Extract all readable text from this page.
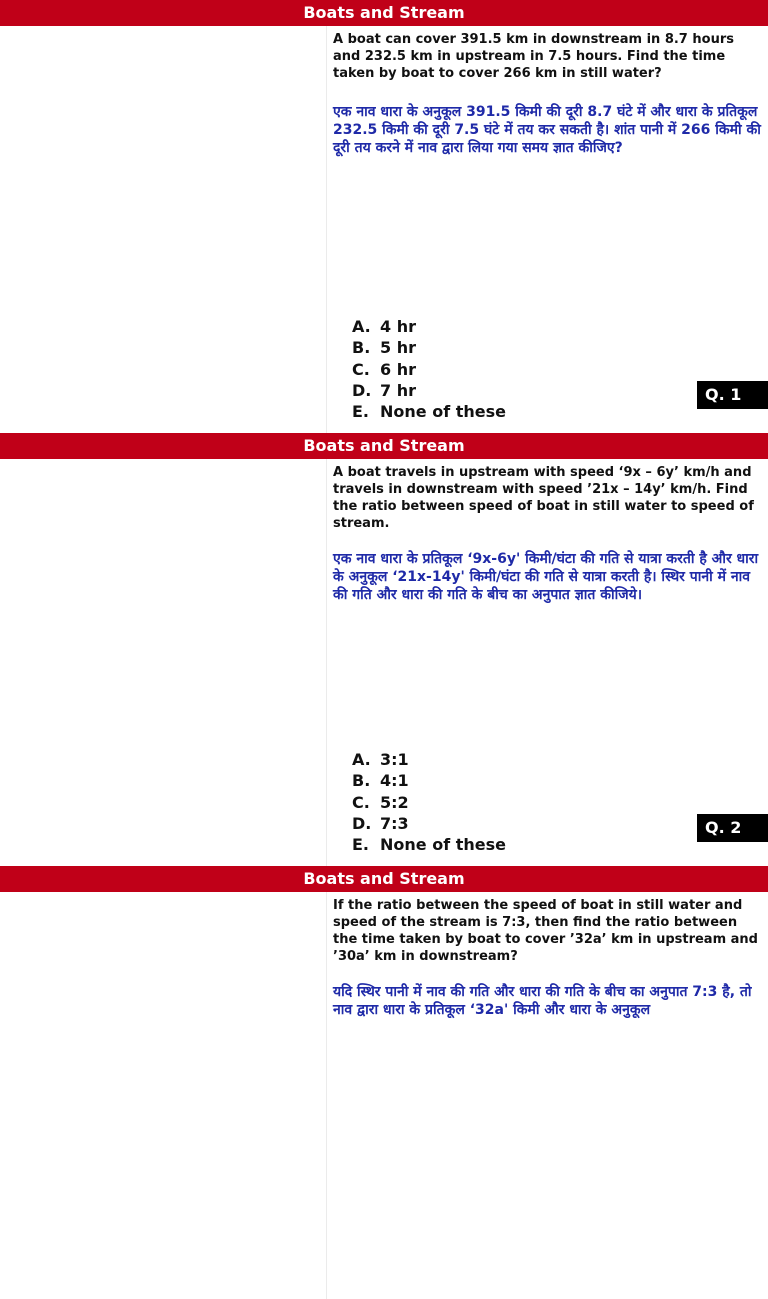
Boats and Stream

A boat can cover 391.5 km in downstream in 8.7 hours and 232.5 km in upstream in 7.5 hours. Find the time taken by boat to cover 266 km in still water?

एक नाव धारा के अनुकूल 391.5 किमी की दूरी 8.7 घंटे में और धारा के प्रतिकूल 232.5 किमी की दूरी 7.5 घंटे में तय कर सकती है। शांत पानी में 266 किमी की दूरी तय करने में नाव द्वारा लिया गया समय ज्ञात कीजिए?

A. 4 hr
B. 5 hr
C. 6 hr
D. 7 hr
E. None of these
Q. 1
Boats and Stream

A boat travels in upstream with speed ‘9x – 6y’ km/h and travels in downstream with speed ’21x – 14y’ km/h. Find the ratio between speed of boat in still water to speed of stream.

एक नाव धारा के प्रतिकूल ‘9x-6y' किमी/घंटा की गति से यात्रा करती है और धारा के अनुकूल ‘21x-14y' किमी/घंटा की गति से यात्रा करती है। स्थिर पानी में नाव की गति और धारा की गति के बीच का अनुपात ज्ञात कीजिये।

A. 3:1
B. 4:1
C. 5:2
D. 7:3
E. None of these
Q. 2
Boats and Stream

If the ratio between the speed of boat in still water and speed of the stream is 7:3, then find the ratio between the time taken by boat to cover ’32a’ km in upstream and ’30a’ km in downstream?

यदि स्थिर पानी में नाव की गति और धारा की गति के बीच का अनुपात 7:3 है, तो नाव द्वारा धारा के प्रतिकूल ‘32a' किमी और धारा के अनुकूल
